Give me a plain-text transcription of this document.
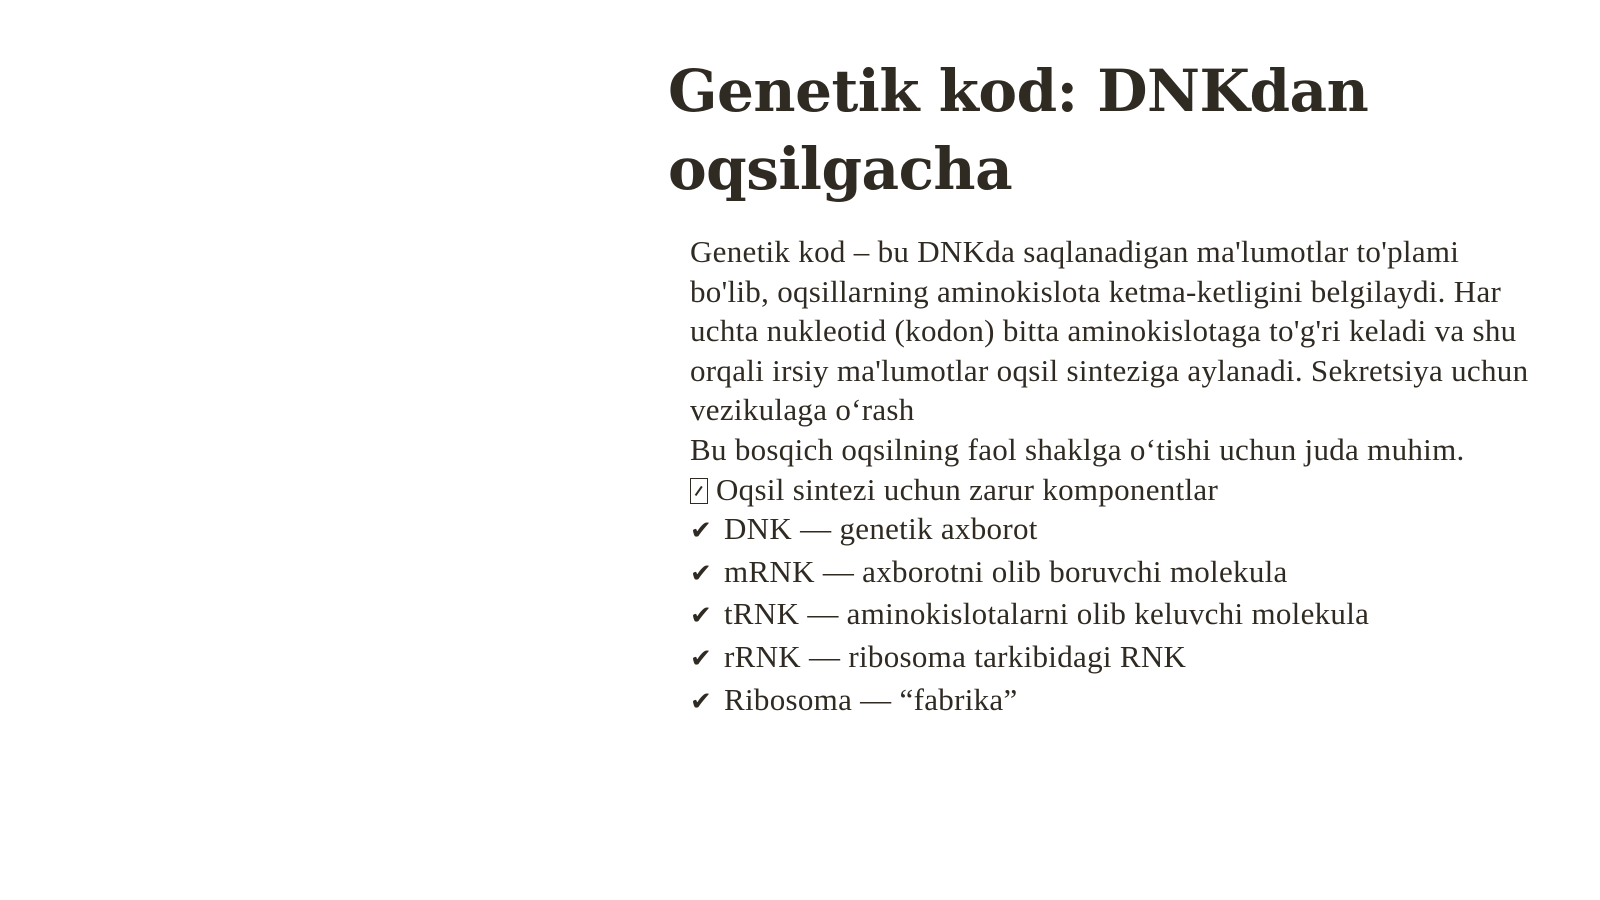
Genetik kod: DNKdan oqsilgacha

Genetik kod – bu DNKda saqlanadigan ma'lumotlar to'plami bo'lib, oqsillarning aminokislota ketma-ketligini belgilaydi. Har uchta nukleotid (kodon) bitta aminokislotaga to'g'ri keladi va shu orqali irsiy ma'lumotlar oqsil sinteziga aylanadi. Sekretsiya uchun vezikulaga o‘rash

Bu bosqich oqsilning faol shaklga o‘tishi uchun juda muhim.

Oqsil sintezi uchun zarur komponentlar
✔ DNK — genetik axborot
✔ mRNK — axborotni olib boruvchi molekula
✔ tRNK — aminokislotalarni olib keluvchi molekula
✔ rRNK — ribosoma tarkibidagi RNK
✔ Ribosoma — “fabrika”
